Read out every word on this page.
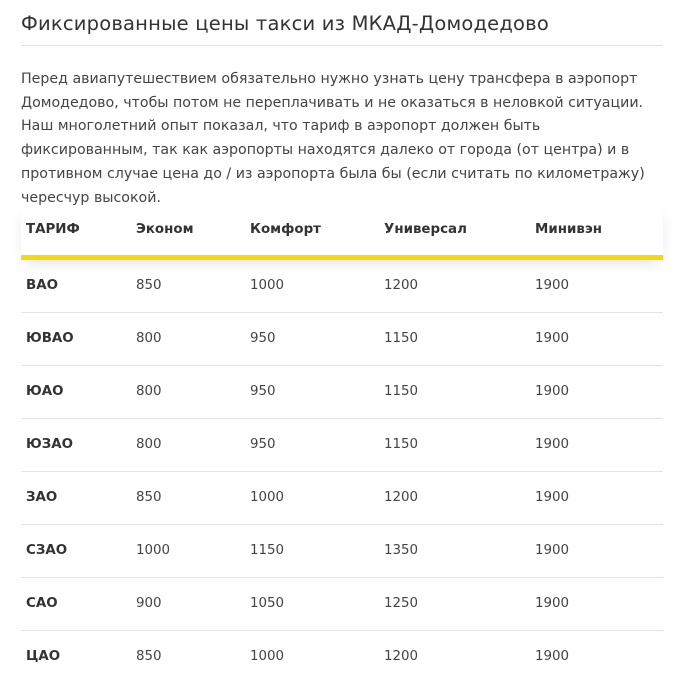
Фиксированные цены такси из МКАД-Домодедово

Перед авиапутешествием обязательно нужно узнать цену трансфера в аэропорт Домодедово, чтобы потом не переплачивать и не оказаться в неловкой ситуации. Наш многолетний опыт показал, что тариф в аэропорт должен быть фиксированным, так как аэропорты находятся далеко от города (от центра) и в противном случае цена до / из аэропорта была бы (если считать по километражу) чересчур высокой.

ТАРИФ	Эконом	Комфорт	Универсал	Минивэн
ВАО	850	1000	1200	1900
ЮВАО	800	950	1150	1900
ЮАО	800	950	1150	1900
ЮЗАО	800	950	1150	1900
ЗАО	850	1000	1200	1900
СЗАО	1000	1150	1350	1900
САО	900	1050	1250	1900
ЦАО	850	1000	1200	1900
